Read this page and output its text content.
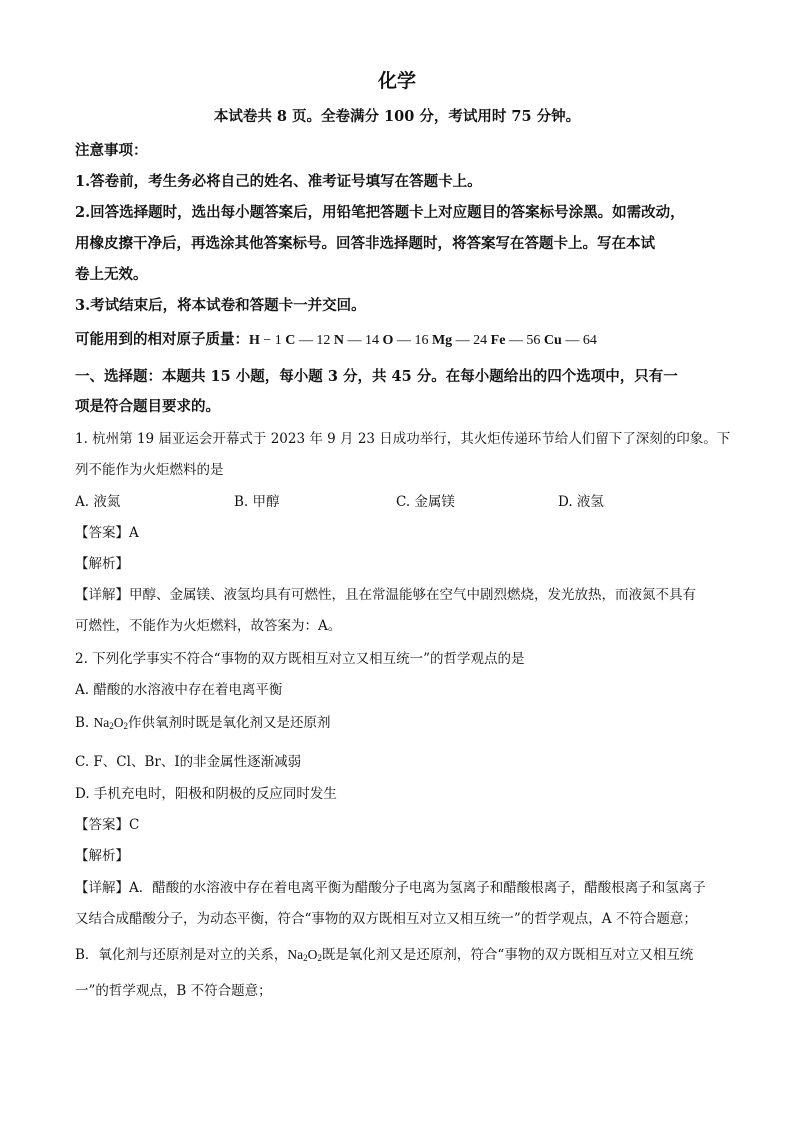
化学
本试卷共 8 页。全卷满分 100 分，考试用时 75 分钟。
注意事项：
1.答卷前，考生务必将自己的姓名、准考证号填写在答题卡上。
2.回答选择题时，选出每小题答案后，用铅笔把答题卡上对应题目的答案标号涂黑。如需改动，
用橡皮擦干净后，再选涂其他答案标号。回答非选择题时，将答案写在答题卡上。写在本试
卷上无效。
3.考试结束后，将本试卷和答题卡一并交回。
可能用到的相对原子质量：H − 1 C — 12 N — 14 O — 16 Mg — 24 Fe — 56 Cu — 64
一、选择题：本题共 15 小题，每小题 3 分，共 45 分。在每小题给出的四个选项中，只有一
项是符合题目要求的。
1. 杭州第 19 届亚运会开幕式于 2023 年 9 月 23 日成功举行，其火炬传递环节给人们留下了深刻的印象。下
列不能作为火炬燃料的是
A. 液氮	B. 甲醇	C. 金属镁	D. 液氢
【答案】A
【解析】
【详解】甲醇、金属镁、液氢均具有可燃性，且在常温能够在空气中剧烈燃烧，发光放热，而液氮不具有
可燃性，不能作为火炬燃料，故答案为：A。
2. 下列化学事实不符合“事物的双方既相互对立又相互统一”的哲学观点的是
A. 醋酸的水溶液中存在着电离平衡
B. $Na_2O_2$作供氧剂时既是氧化剂又是还原剂
C. F、Cl、Br、I的非金属性逐渐减弱
D. 手机充电时，阳极和阴极的反应同时发生
【答案】C
【解析】
【详解】A．醋酸的水溶液中存在着电离平衡为醋酸分子电离为氢离子和醋酸根离子，醋酸根离子和氢离子
又结合成醋酸分子，为动态平衡，符合“事物的双方既相互对立又相互统一”的哲学观点，A 不符合题意；
B．氧化剂与还原剂是对立的关系，$Na_2O_2$既是氧化剂又是还原剂，符合“事物的双方既相互对立又相互统
一”的哲学观点，B 不符合题意；
